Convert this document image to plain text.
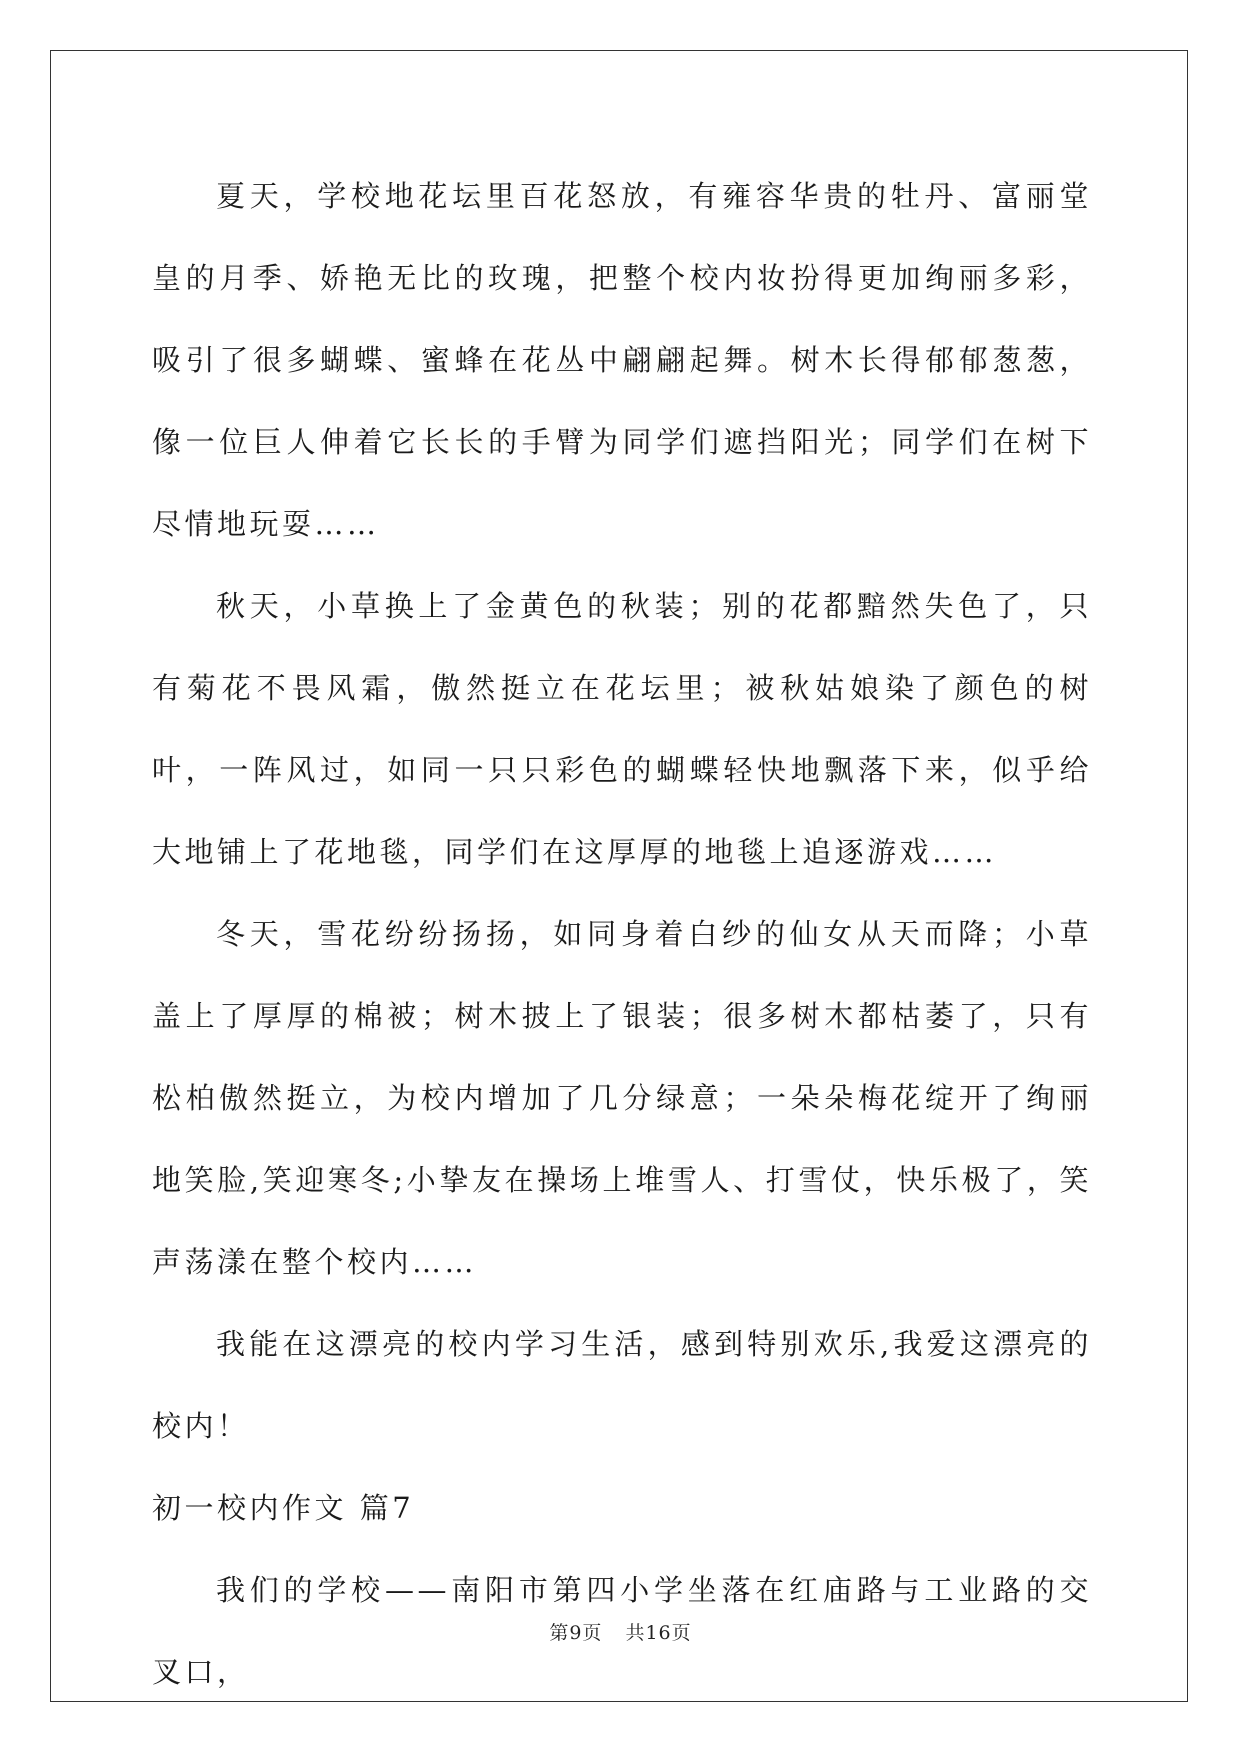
夏天，学校地花坛里百花怒放，有雍容华贵的牡丹、富丽堂皇的月季、娇艳无比的玫瑰，把整个校内妆扮得更加绚丽多彩，吸引了很多蝴蝶、蜜蜂在花丛中翩翩起舞。树木长得郁郁葱葱，像一位巨人伸着它长长的手臂为同学们遮挡阳光；同学们在树下尽情地玩耍……

秋天，小草换上了金黄色的秋装；别的花都黯然失色了，只有菊花不畏风霜，傲然挺立在花坛里；被秋姑娘染了颜色的树叶，一阵风过，如同一只只彩色的蝴蝶轻快地飘落下来，似乎给大地铺上了花地毯，同学们在这厚厚的地毯上追逐游戏……

冬天，雪花纷纷扬扬，如同身着白纱的仙女从天而降；小草盖上了厚厚的棉被；树木披上了银装；很多树木都枯萎了，只有松柏傲然挺立，为校内增加了几分绿意；一朵朵梅花绽开了绚丽地笑脸,笑迎寒冬;小挚友在操场上堆雪人、打雪仗，快乐极了，笑声荡漾在整个校内……

我能在这漂亮的校内学习生活，感到特别欢乐,我爱这漂亮的校内！

初一校内作文 篇7

我们的学校——南阳市第四小学坐落在红庙路与工业路的交叉口，

第9页 共16页
